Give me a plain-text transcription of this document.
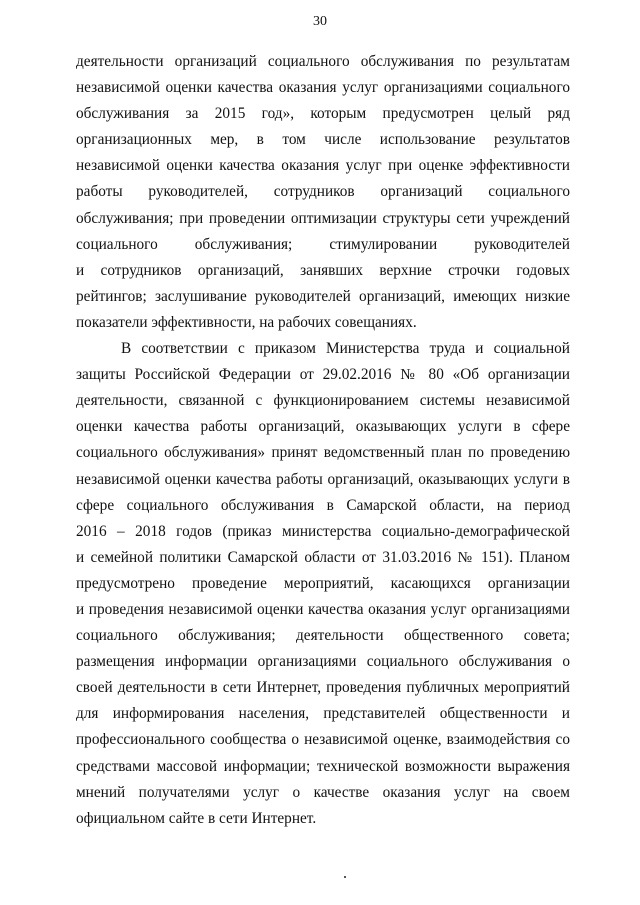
30
деятельности организаций социального обслуживания по результатам
независимой оценки качества оказания услуг организациями социального
обслуживания за 2015 год», которым предусмотрен целый ряд
организационных мер, в том числе использование результатов
независимой оценки качества оказания услуг при оценке эффективности
работы руководителей, сотрудников организаций социального
обслуживания; при проведении оптимизации структуры сети учреждений
социального обслуживания; стимулировании руководителей
и сотрудников организаций, занявших верхние строчки годовых
рейтингов; заслушивание руководителей организаций, имеющих низкие
показатели эффективности, на рабочих совещаниях.
В соответствии с приказом Министерства труда и социальной
защиты Российской Федерации от 29.02.2016 № 80 «Об организации
деятельности, связанной с функционированием системы независимой
оценки качества работы организаций, оказывающих услуги в сфере
социального обслуживания» принят ведомственный план по проведению
независимой оценки качества работы организаций, оказывающих услуги в
сфере социального обслуживания в Самарской области, на период
2016 – 2018 годов (приказ министерства социально-демографической
и семейной политики Самарской области от 31.03.2016 № 151). Планом
предусмотрено проведение мероприятий, касающихся организации
и проведения независимой оценки качества оказания услуг организациями
социального обслуживания; деятельности общественного совета;
размещения информации организациями социального обслуживания о
своей деятельности в сети Интернет, проведения публичных мероприятий
для информирования населения, представителей общественности и
профессионального сообщества о независимой оценке, взаимодействия со
средствами массовой информации; технической возможности выражения
мнений получателями услуг о качестве оказания услуг на своем
официальном сайте в сети Интернет.
